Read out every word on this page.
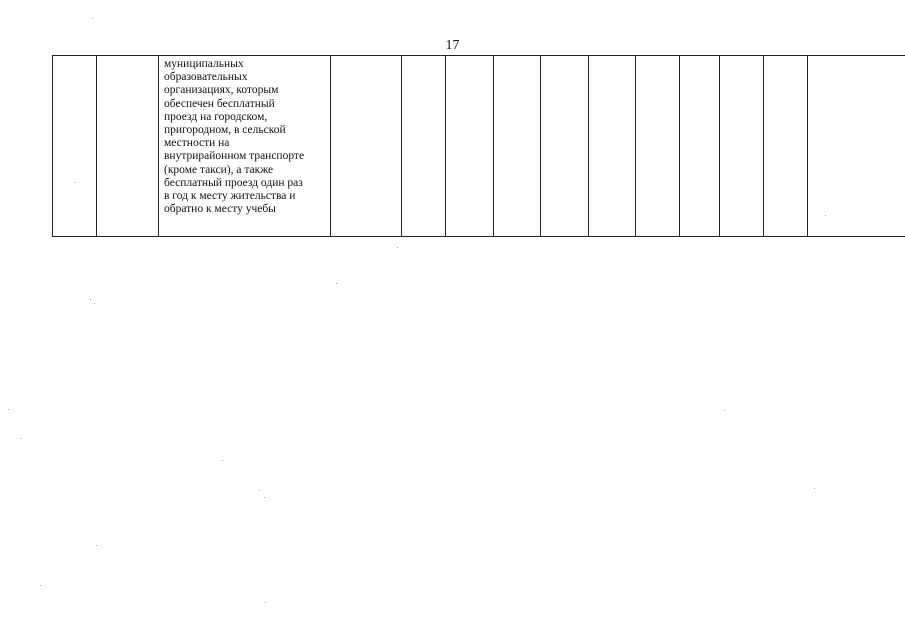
17
		муниципальных
образовательных
организациях, которым
обеспечен бесплатный
проезд на городском,
пригородном, в сельской
местности на
внутрирайонном транспорте
(кроме такси), а также
бесплатный проезд один раз
в год к месту жительства и
обратно к месту учебы											
